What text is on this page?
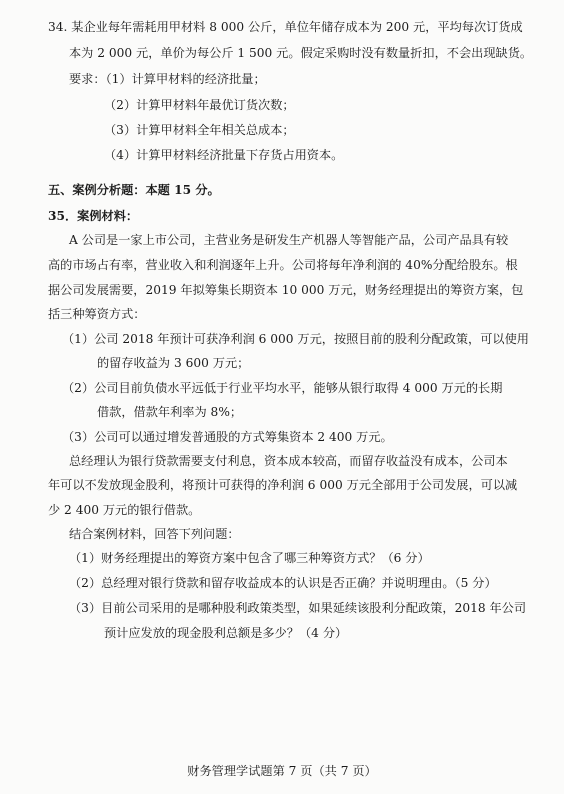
34. 某企业每年需耗用甲材料 8 000 公斤，单位年储存成本为 200 元，平均每次订货成
本为 2 000 元，单价为每公斤 1 500 元。假定采购时没有数量折扣，不会出现缺货。
要求：（1）计算甲材料的经济批量；
（2）计算甲材料年最优订货次数；
（3）计算甲材料全年相关总成本；
（4）计算甲材料经济批量下存货占用资本。
五、案例分析题：本题 15 分。
35．案例材料：
A 公司是一家上市公司，主营业务是研发生产机器人等智能产品，公司产品具有较
高的市场占有率，营业收入和利润逐年上升。公司将每年净利润的 40%分配给股东。根
据公司发展需要，2019 年拟筹集长期资本 10 000 万元，财务经理提出的筹资方案，包
括三种筹资方式：
（1）公司 2018 年预计可获净利润 6 000 万元，按照目前的股利分配政策，可以使用
的留存收益为 3 600 万元；
（2）公司目前负债水平远低于行业平均水平，能够从银行取得 4 000 万元的长期
借款，借款年利率为 8%；
（3）公司可以通过增发普通股的方式筹集资本 2 400 万元。
总经理认为银行贷款需要支付利息，资本成本较高，而留存收益没有成本，公司本
年可以不发放现金股利，将预计可获得的净利润 6 000 万元全部用于公司发展，可以减
少 2 400 万元的银行借款。
结合案例材料，回答下列问题：
（1）财务经理提出的筹资方案中包含了哪三种筹资方式？（6 分）
（2）总经理对银行贷款和留存收益成本的认识是否正确？并说明理由。（5 分）
（3）目前公司采用的是哪种股利政策类型，如果延续该股利分配政策，2018 年公司
预计应发放的现金股利总额是多少？（4 分）
财务管理学试题第 7 页（共 7 页）
